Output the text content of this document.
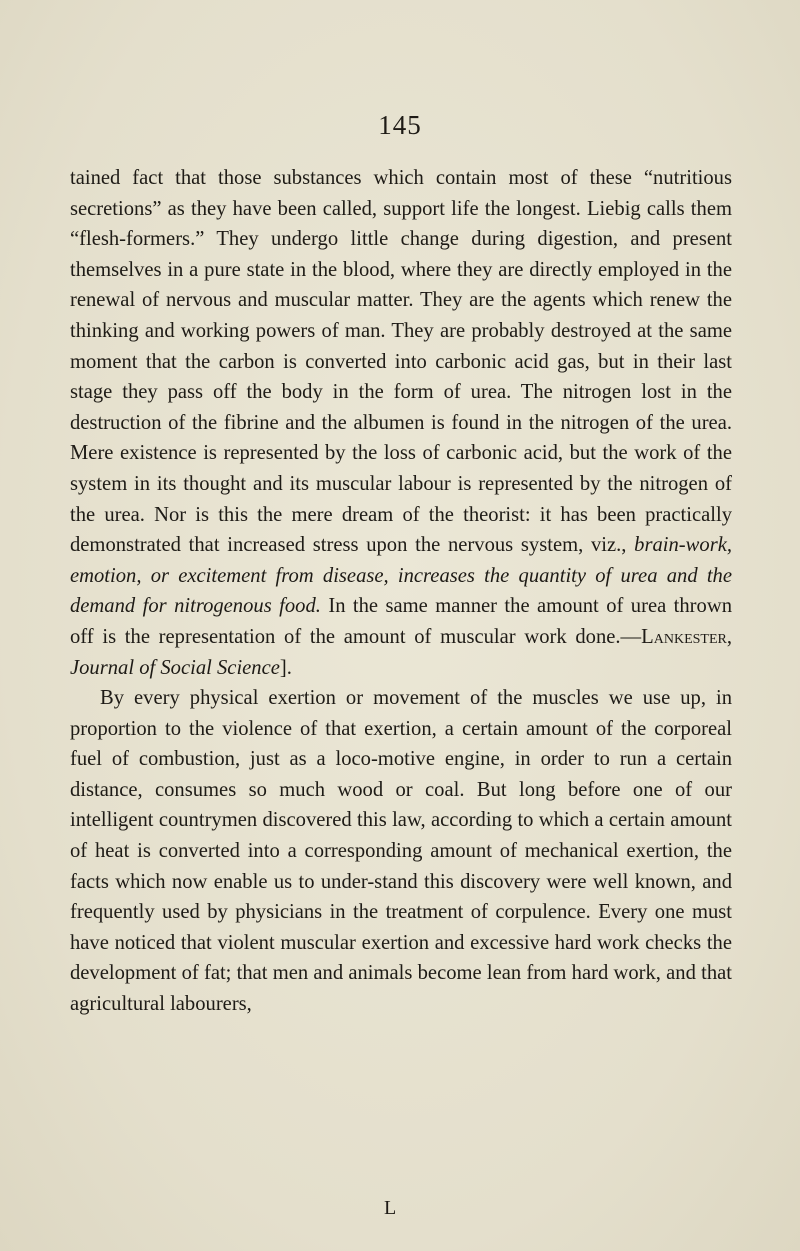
145

tained fact that those substances which contain most of these “nutritious secretions” as they have been called, support life the longest. Liebig calls them “flesh-formers.” They undergo little change during digestion, and present themselves in a pure state in the blood, where they are directly employed in the renewal of nervous and muscular matter. They are the agents which renew the thinking and working powers of man. They are probably destroyed at the same moment that the carbon is converted into carbonic acid gas, but in their last stage they pass off the body in the form of urea. The nitrogen lost in the destruction of the fibrine and the albumen is found in the nitrogen of the urea. Mere existence is represented by the loss of carbonic acid, but the work of the system in its thought and its muscular labour is represented by the nitrogen of the urea. Nor is this the mere dream of the theorist: it has been practically demonstrated that increased stress upon the nervous system, viz., brain-work, emotion, or excitement from disease, increases the quantity of urea and the demand for nitrogenous food. In the same manner the amount of urea thrown off is the representation of the amount of muscular work done.—Lankester, Journal of Social Science].

By every physical exertion or movement of the muscles we use up, in proportion to the violence of that exertion, a certain amount of the corporeal fuel of combustion, just as a loco-motive engine, in order to run a certain distance, consumes so much wood or coal. But long before one of our intelligent countrymen discovered this law, according to which a certain amount of heat is converted into a corresponding amount of mechanical exertion, the facts which now enable us to under-stand this discovery were well known, and frequently used by physicians in the treatment of corpulence. Every one must have noticed that violent muscular exertion and excessive hard work checks the development of fat; that men and animals become lean from hard work, and that agricultural labourers,

L
